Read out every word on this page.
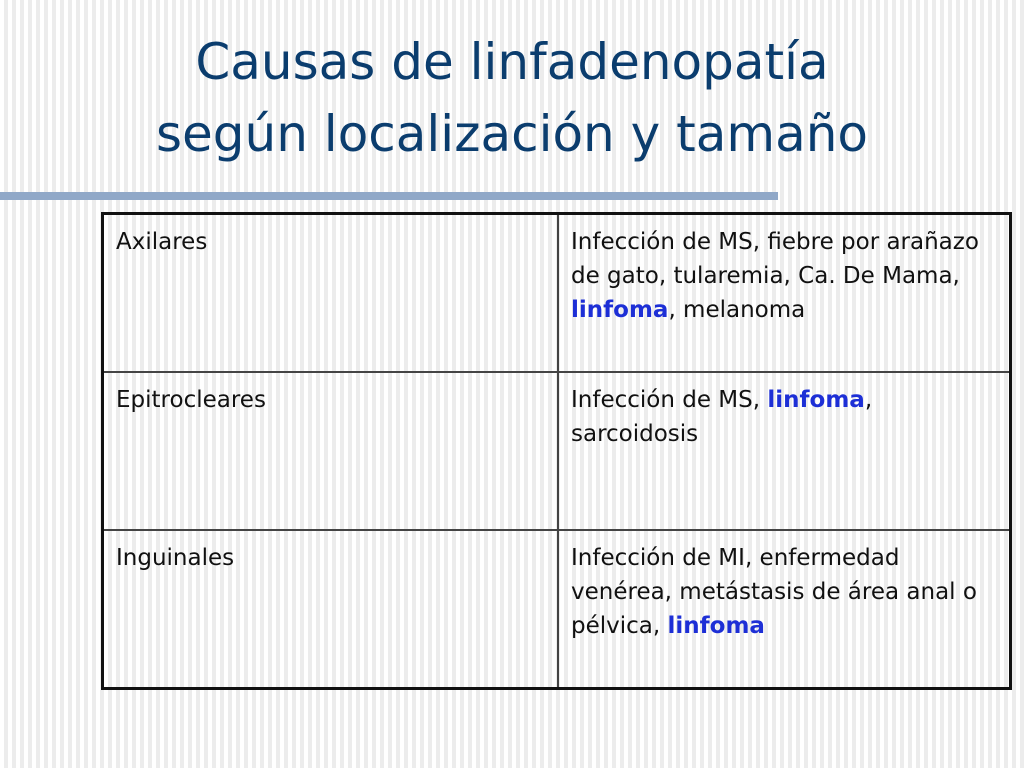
Causas de linfadenopatía
según localización y tamaño
Axilares	Infección de MS, fiebre por arañazo de gato, tularemia, Ca. De Mama, linfoma, melanoma
Epitrocleares	Infección de MS, linfoma, sarcoidosis
Inguinales	Infección de MI, enfermedad venérea, metástasis de área anal o pélvica, linfoma
